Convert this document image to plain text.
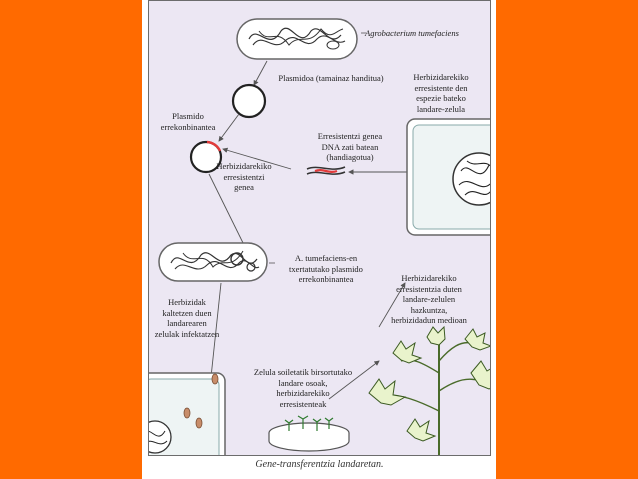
Agrobacterium tumefaciens
Plasmidoa (tamainaz handitua)	Herbizidarekiko
erresistente den
espezie bateko
landare-zelula
Plasmido
errekonbinantea
Erresistentzi genea
DNA zati batean
(handiagotua)
Herbizidarekiko
erresistentzi
genea
A. tumefaciens-en
txertatutako plasmido
errekonbinantea	Herbizidarekiko
erresistentzia duten
landare-zelulen
hazkuntza,
herbizidadun medioan
Herbizidak
kaltetzen duen
landarearen
zelulak infektatzen
Zelula soiletatik birsortutako
landare osoak,
herbizidarekiko
erresistenteak
Gene-transferentzia landaretan.
